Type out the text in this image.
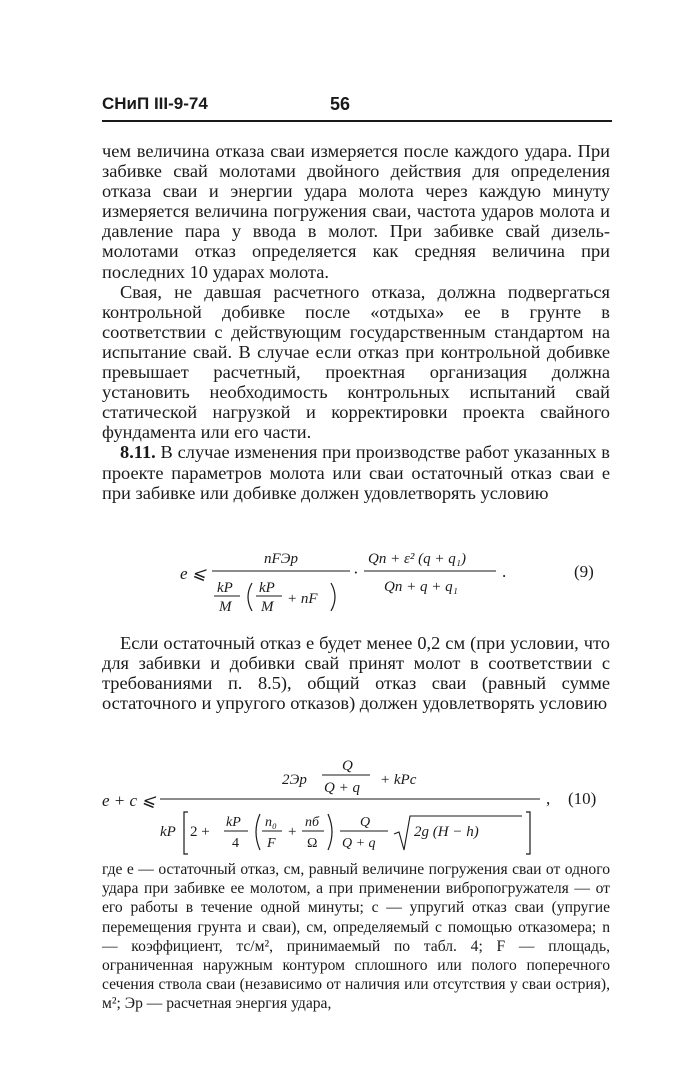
СНиП III-9-74	56

чем величина отказа сваи измеряется после каждого удара. При забивке свай молотами двойного действия для определения отказа сваи и энергии удара молота через каждую минуту измеряется величина погружения сваи, частота ударов молота и давление пара у ввода в молот. При забивке свай дизель-молотами отказ определяется как средняя величина при последних 10 ударах молота.

Свая, не давшая расчетного отказа, должна подвергаться контрольной добивке после «отдыха» ее в грунте в соответствии с действующим государственным стандартом на испытание свай. В случае если отказ при контрольной добивке превышает расчетный, проектная организация должна установить необходимость контрольных испытаний свай статической нагрузкой и корректировки проекта свайного фундамента или его части.

8.11. В случае изменения при производстве работ указанных в проекте параметров молота или сваи остаточный отказ сваи e при забивке или добивке должен удовлетворять условию

e ⩽
nFЭр
kP
M
kP
M + nF
·
Qп + ε² (q + q₁)
Qп + q + q₁
.	(9)

Если остаточный отказ e будет менее 0,2 см (при условии, что для забивки и добивки свай принят молот в соответствии с требованиями п. 8.5), общий отказ сваи (равный сумме остаточного и упругого отказов) должен удовлетворять условию

e + c ⩽
2Эр
Q
Q + q + kPc
kP 2 +
kP
4
n₀
F
+
nб
Ω
Q
Q + q
2g (H − h)
, (10)

где e — остаточный отказ, см, равный величине погружения сваи от одного удара при забивке ее молотом, а при применении вибропогружателя — от его работы в течение одной минуты; c — упругий отказ сваи (упругие перемещения грунта и сваи), см, определяемый с помощью отказомера; n — коэффициент, тс/м², принимаемый по табл. 4; F — площадь, ограниченная наружным контуром сплошного или полого поперечного сечения ствола сваи (независимо от наличия или отсутствия у сваи острия), м²; Эр — расчетная энергия удара,
